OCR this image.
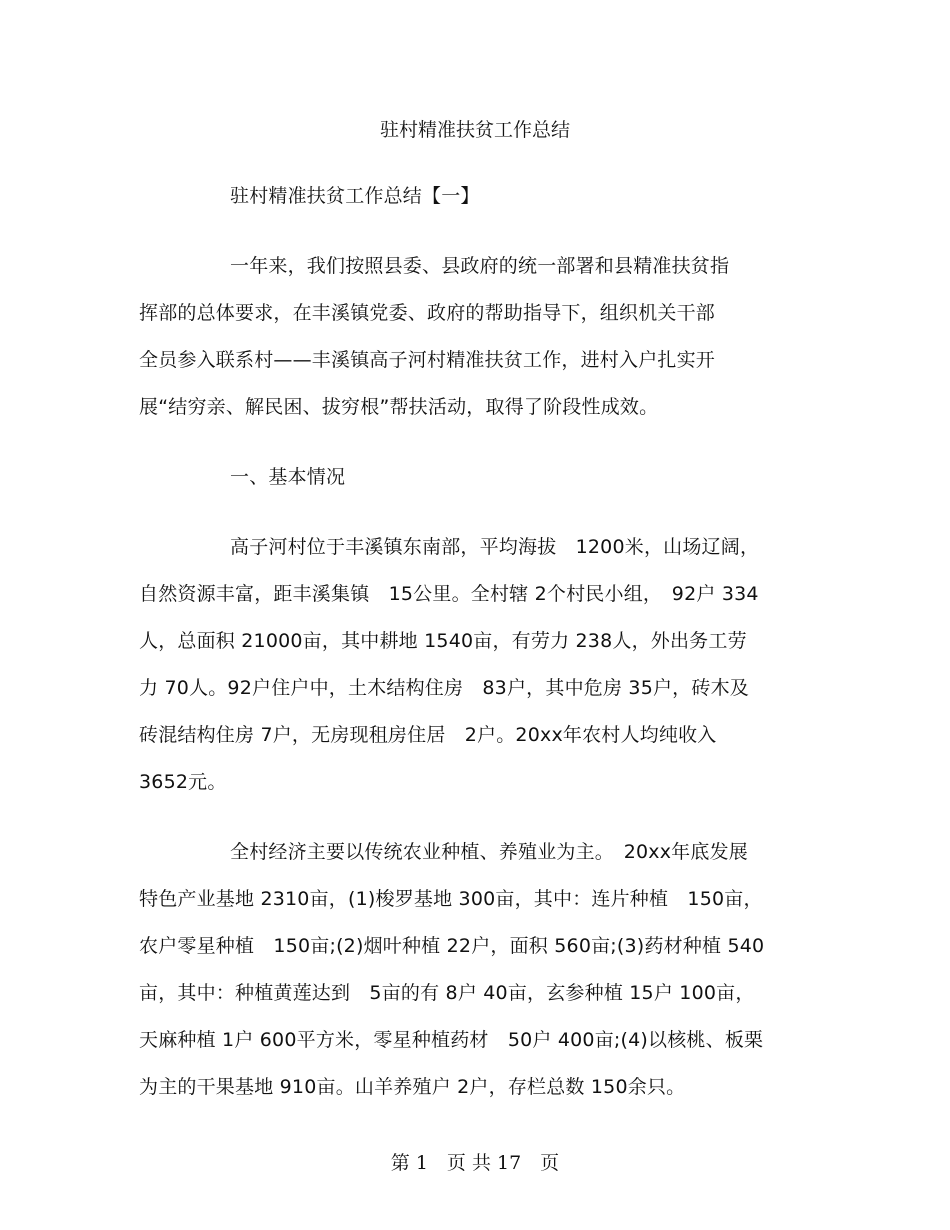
驻村精准扶贫工作总结
驻村精准扶贫工作总结【一】
一年来，我们按照县委、县政府的统一部署和县精准扶贫指
挥部的总体要求，在丰溪镇党委、政府的帮助指导下，组织机关干部
全员参入联系村——丰溪镇高子河村精准扶贫工作，进村入户扎实开
展“结穷亲、解民困、拔穷根”帮扶活动，取得了阶段性成效。
一、基本情况
高子河村位于丰溪镇东南部，平均海拔　1200米，山场辽阔，
自然资源丰富，距丰溪集镇　15公里。全村辖 2个村民小组，　92户 334
人，总面积 21000亩，其中耕地 1540亩，有劳力 238人，外出务工劳
力 70人。92户住户中，土木结构住房　83户，其中危房 35户，砖木及
砖混结构住房 7户，无房现租房住居　2户。20xx年农村人均纯收入
3652元。
全村经济主要以传统农业种植、养殖业为主。　20xx年底发展
特色产业基地 2310亩，(1)梭罗基地 300亩，其中：连片种植　150亩，
农户零星种植　150亩;(2)烟叶种植 22户，面积 560亩;(3)药材种植 540
亩，其中：种植黄莲达到　5亩的有 8户 40亩，玄参种植 15户 100亩，
天麻种植 1户 600平方米，零星种植药材　50户 400亩;(4)以核桃、板栗
为主的干果基地 910亩。山羊养殖户 2户，存栏总数 150余只。
第 1　页 共 17　页
